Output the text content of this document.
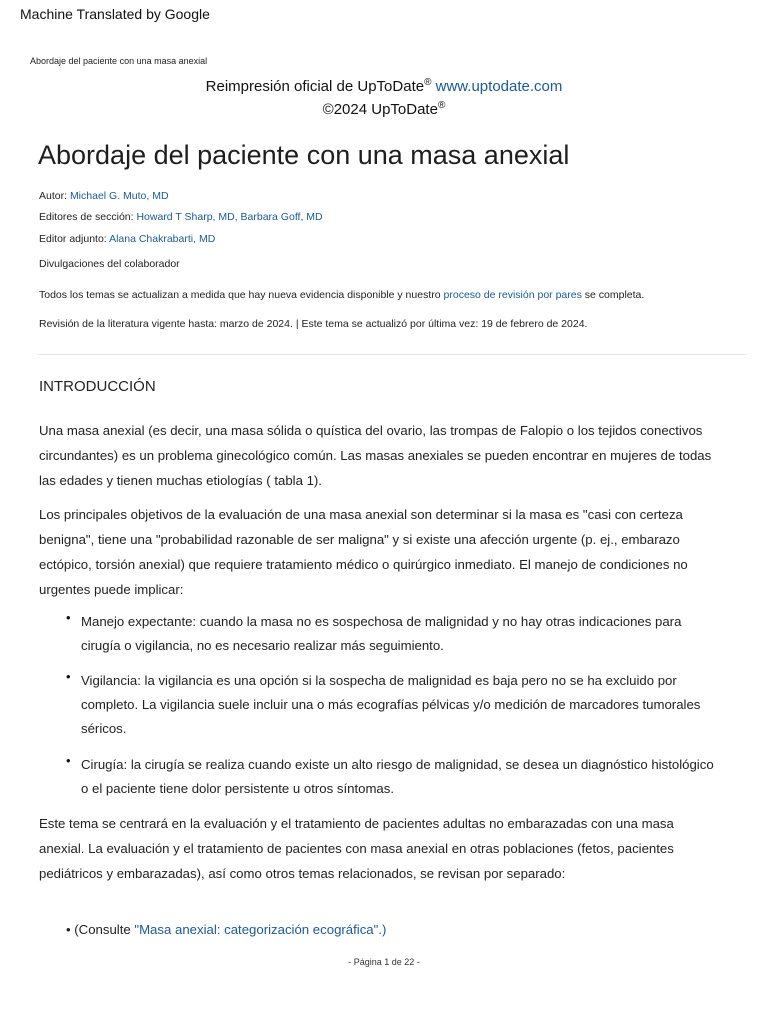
Machine Translated by Google
Abordaje del paciente con una masa anexial
Reimpresión oficial de UpToDate® www.uptodate.com
©2024 UpToDate®
Abordaje del paciente con una masa anexial
Autor: Michael G. Muto, MD
Editores de sección: Howard T Sharp, MD, Barbara Goff, MD
Editor adjunto: Alana Chakrabarti, MD
Divulgaciones del colaborador
Todos los temas se actualizan a medida que hay nueva evidencia disponible y nuestro proceso de revisión por pares se completa.
Revisión de la literatura vigente hasta: marzo de 2024. | Este tema se actualizó por última vez: 19 de febrero de 2024.
INTRODUCCIÓN
Una masa anexial (es decir, una masa sólida o quística del ovario, las trompas de Falopio o los tejidos conectivos circundantes) es un problema ginecológico común. Las masas anexiales se pueden encontrar en mujeres de todas las edades y tienen muchas etiologías ( tabla 1).
Los principales objetivos de la evaluación de una masa anexial son determinar si la masa es "casi con certeza benigna", tiene una "probabilidad razonable de ser maligna" y si existe una afección urgente (p. ej., embarazo ectópico, torsión anexial) que requiere tratamiento médico o quirúrgico inmediato. El manejo de condiciones no urgentes puede implicar:
• Manejo expectante: cuando la masa no es sospechosa de malignidad y no hay otras indicaciones para cirugía o vigilancia, no es necesario realizar más seguimiento.
• Vigilancia: la vigilancia es una opción si la sospecha de malignidad es baja pero no se ha excluido por completo. La vigilancia suele incluir una o más ecografías pélvicas y/o medición de marcadores tumorales séricos.
• Cirugía: la cirugía se realiza cuando existe un alto riesgo de malignidad, se desea un diagnóstico histológico o el paciente tiene dolor persistente u otros síntomas.
Este tema se centrará en la evaluación y el tratamiento de pacientes adultas no embarazadas con una masa anexial. La evaluación y el tratamiento de pacientes con masa anexial en otras poblaciones (fetos, pacientes pediátricos y embarazadas), así como otros temas relacionados, se revisan por separado:
• (Consulte "Masa anexial: categorización ecográfica".)
- Página 1 de 22 -
